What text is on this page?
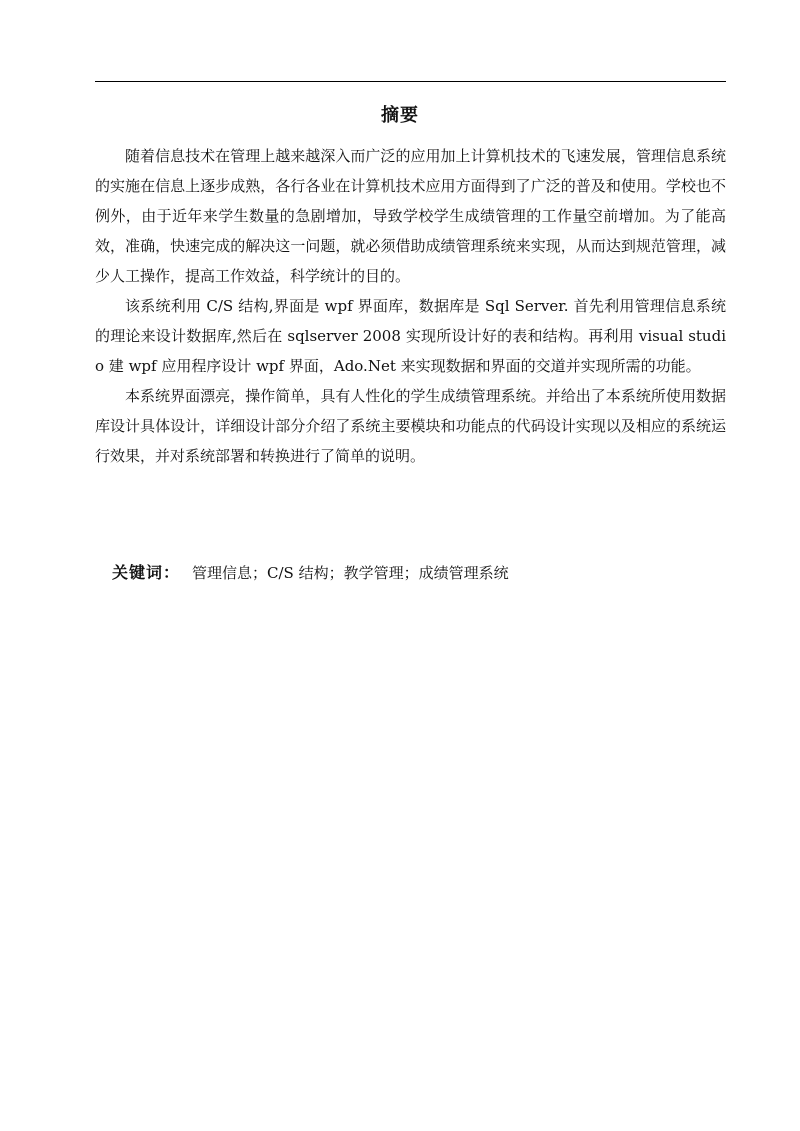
摘要

随着信息技术在管理上越来越深入而广泛的应用加上计算机技术的飞速发展，管理信息系统的实施在信息上逐步成熟，各行各业在计算机技术应用方面得到了广泛的普及和使用。学校也不例外，由于近年来学生数量的急剧增加，导致学校学生成绩管理的工作量空前增加。为了能高效，准确，快速完成的解决这一问题，就必须借助成绩管理系统来实现，从而达到规范管理，减少人工操作，提高工作效益，科学统计的目的。

该系统利用 C/S 结构,界面是 wpf 界面库，数据库是 Sql Server. 首先利用管理信息系统的理论来设计数据库,然后在 sqlserver 2008 实现所设计好的表和结构。再利用 visual studio 建 wpf 应用程序设计 wpf 界面，Ado.Net 来实现数据和界面的交道并实现所需的功能。

本系统界面漂亮，操作简单，具有人性化的学生成绩管理系统。并给出了本系统所使用数据库设计具体设计，详细设计部分介绍了系统主要模块和功能点的代码设计实现以及相应的系统运行效果，并对系统部署和转换进行了简单的说明。

关键词： 管理信息；C/S 结构；教学管理；成绩管理系统
